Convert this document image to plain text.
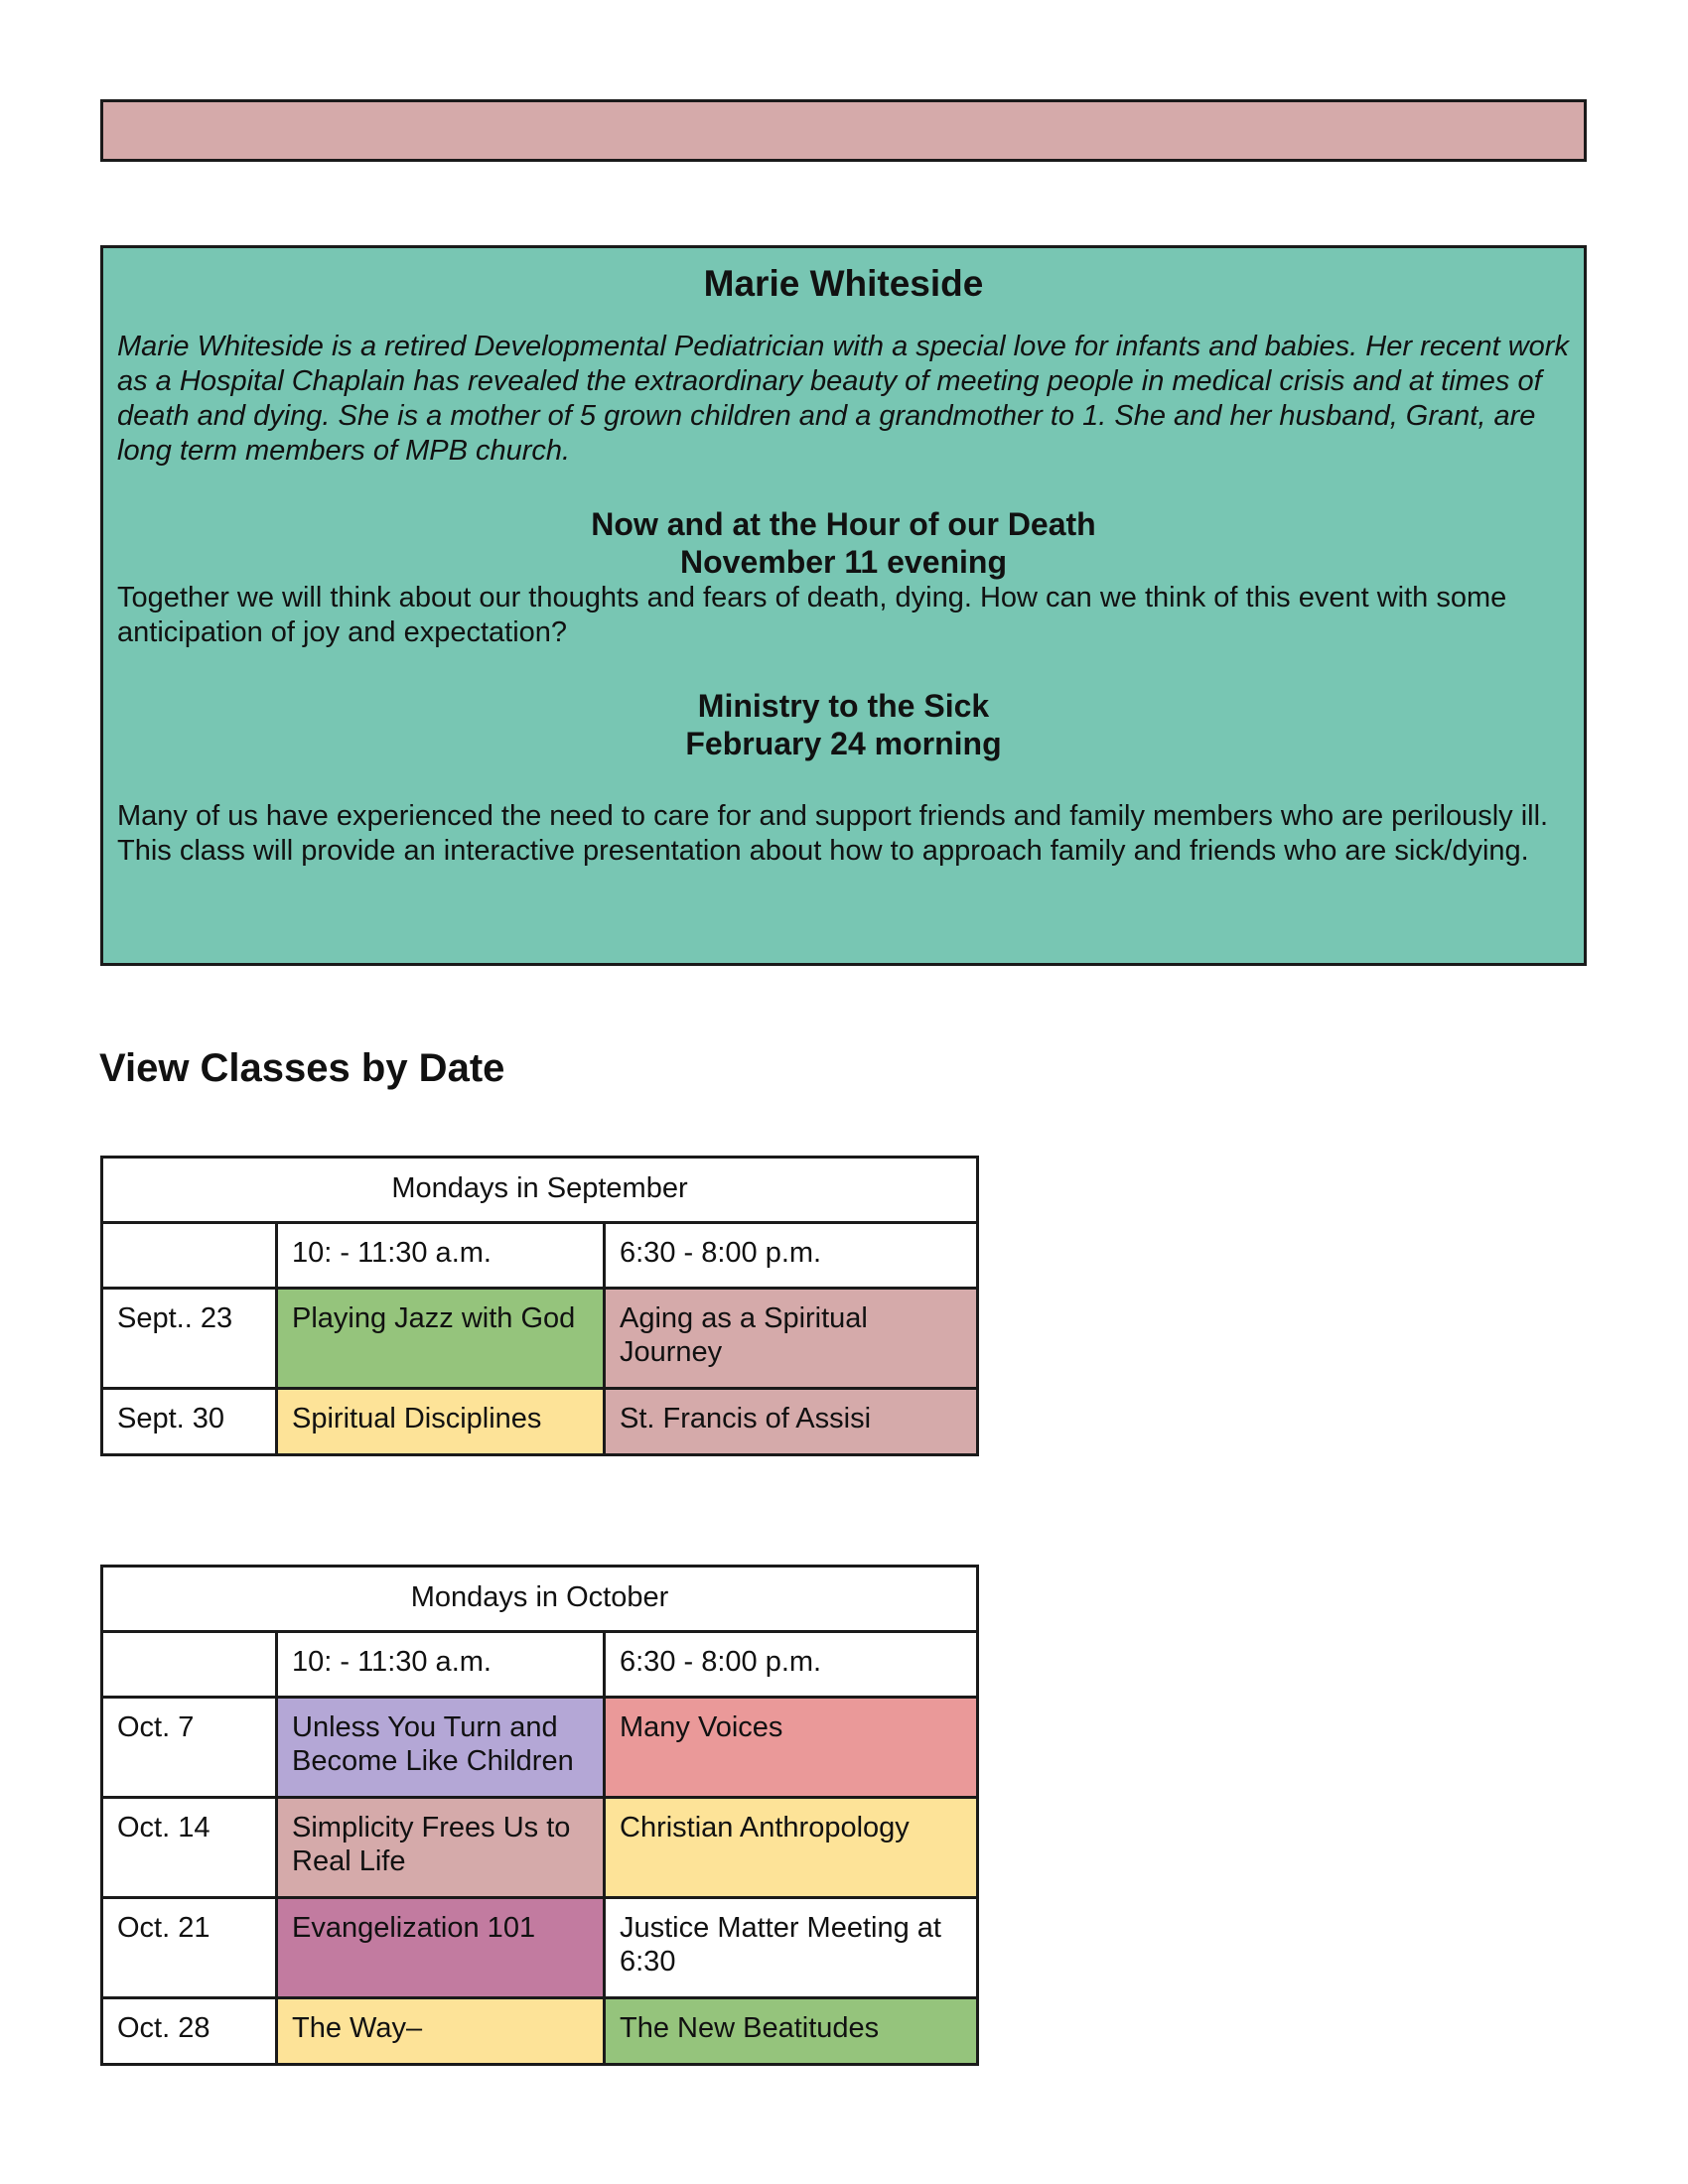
Marie Whiteside

Marie Whiteside is a retired Developmental Pediatrician with a special love for infants and babies. Her recent work as a Hospital Chaplain has revealed the extraordinary beauty of meeting people in medical crisis and at times of death and dying. She is a mother of 5 grown children and a grandmother to 1. She and her husband, Grant, are long term members of MPB church.

Now and at the Hour of our Death

November 11 evening

Together we will think about our thoughts and fears of death, dying. How can we think of this event with some anticipation of joy and expectation?

Ministry to the Sick

February 24 morning

Many of us have experienced the need to care for and support friends and family members who are perilously ill. This class will provide an interactive presentation about how to approach family and friends who are sick/dying.

View Classes by Date
Mondays in September		
	10: - 11:30 a.m.	6:30 - 8:00 p.m.
Sept.. 23	Playing Jazz with God	Aging as a Spiritual Journey
Sept. 30	Spiritual Disciplines	St. Francis of Assisi
Mondays in October		
	10: - 11:30 a.m.	6:30 - 8:00 p.m.
Oct. 7	Unless You Turn and Become Like Children	Many Voices
Oct. 14	Simplicity Frees Us to Real Life	Christian Anthropology
Oct. 21	Evangelization 101	Justice Matter Meeting at 6:30
Oct. 28	The Way–	The New Beatitudes
